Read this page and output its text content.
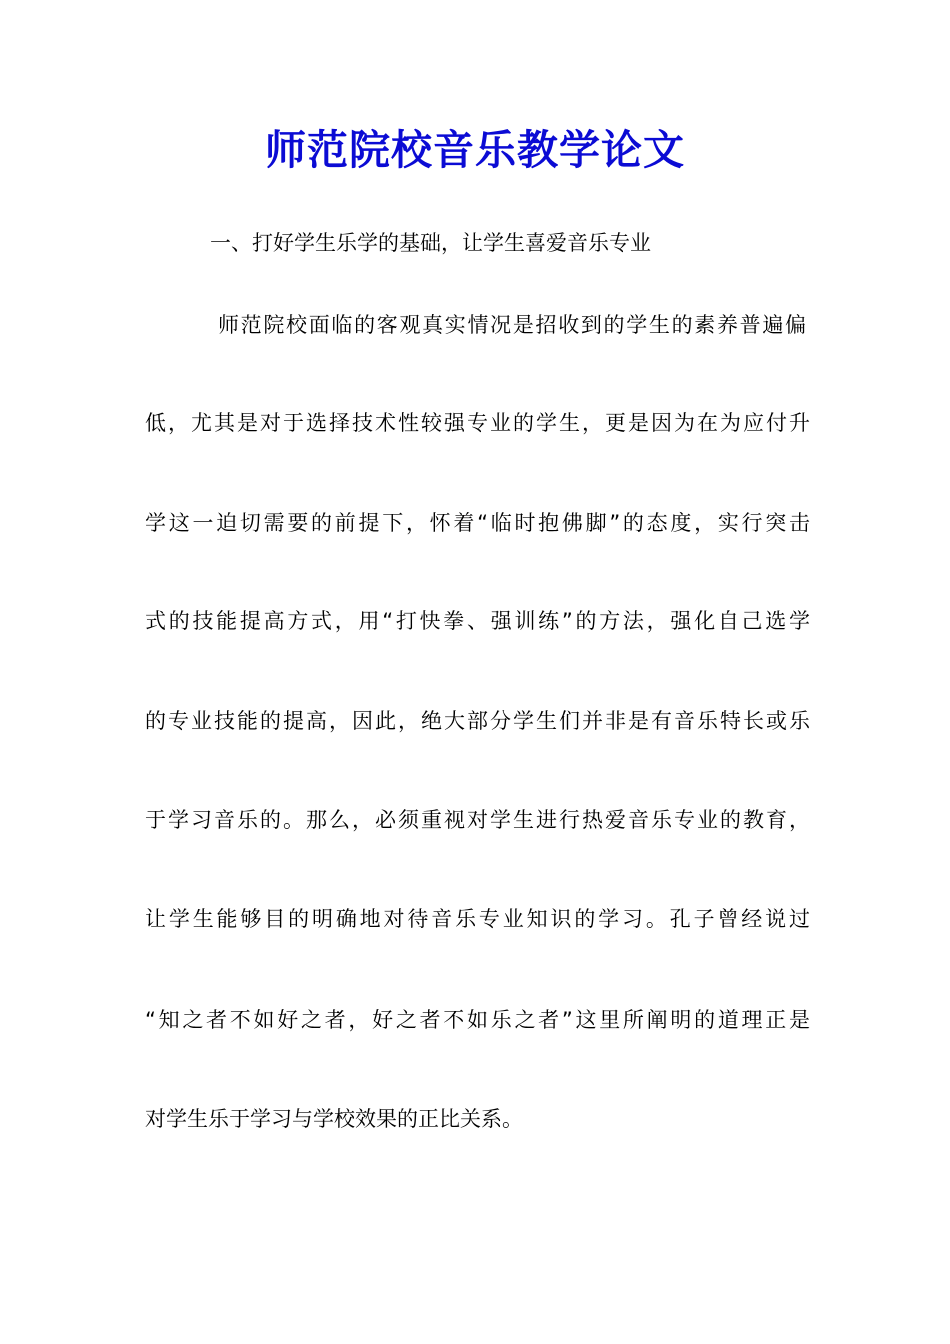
师范院校音乐教学论文
一、打好学生乐学的基础，让学生喜爱音乐专业
师范院校面临的客观真实情况是招收到的学生的素养普遍偏
低，尤其是对于选择技术性较强专业的学生，更是因为在为应付升
学这一迫切需要的前提下，怀着“临时抱佛脚”的态度，实行突击
式的技能提高方式，用“打快拳、强训练”的方法，强化自己选学
的专业技能的提高，因此，绝大部分学生们并非是有音乐特长或乐
于学习音乐的。那么，必须重视对学生进行热爱音乐专业的教育，
让学生能够目的明确地对待音乐专业知识的学习。孔子曾经说过
“知之者不如好之者，好之者不如乐之者”这里所阐明的道理正是
对学生乐于学习与学校效果的正比关系。
